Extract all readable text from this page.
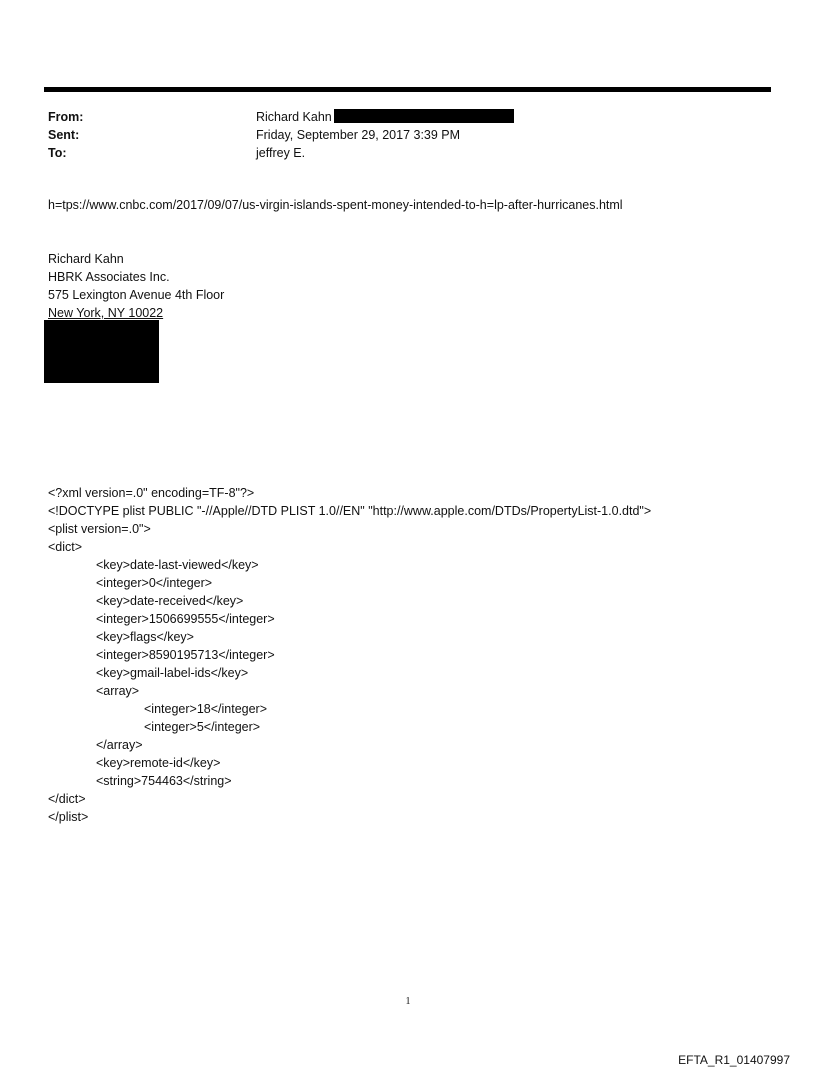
From:	Richard Kahn
Sent:	Friday, September 29, 2017 3:39 PM
To:	jeffrey E.
h=tps://www.cnbc.com/2017/09/07/us-virgin-islands-spent-money-intended-to-h=lp-after-hurricanes.html
Richard Kahn
HBRK Associates Inc.
575 Lexington Avenue 4th Floor
New York, NY 10022
<?xml version=.0" encoding=TF-8"?>
<!DOCTYPE plist PUBLIC "-//Apple//DTD PLIST 1.0//EN" "http://www.apple.com/DTDs/PropertyList-1.0.dtd">
<plist version=.0">
<dict>
<key>date-last-viewed</key>
<integer>0</integer>
<key>date-received</key>
<integer>1506699555</integer>
<key>flags</key>
<integer>8590195713</integer>
<key>gmail-label-ids</key>
<array>
<integer>18</integer>
<integer>5</integer>
</array>
<key>remote-id</key>
<string>754463</string>
</dict>
</plist>
1
EFTA_R1_01407997
